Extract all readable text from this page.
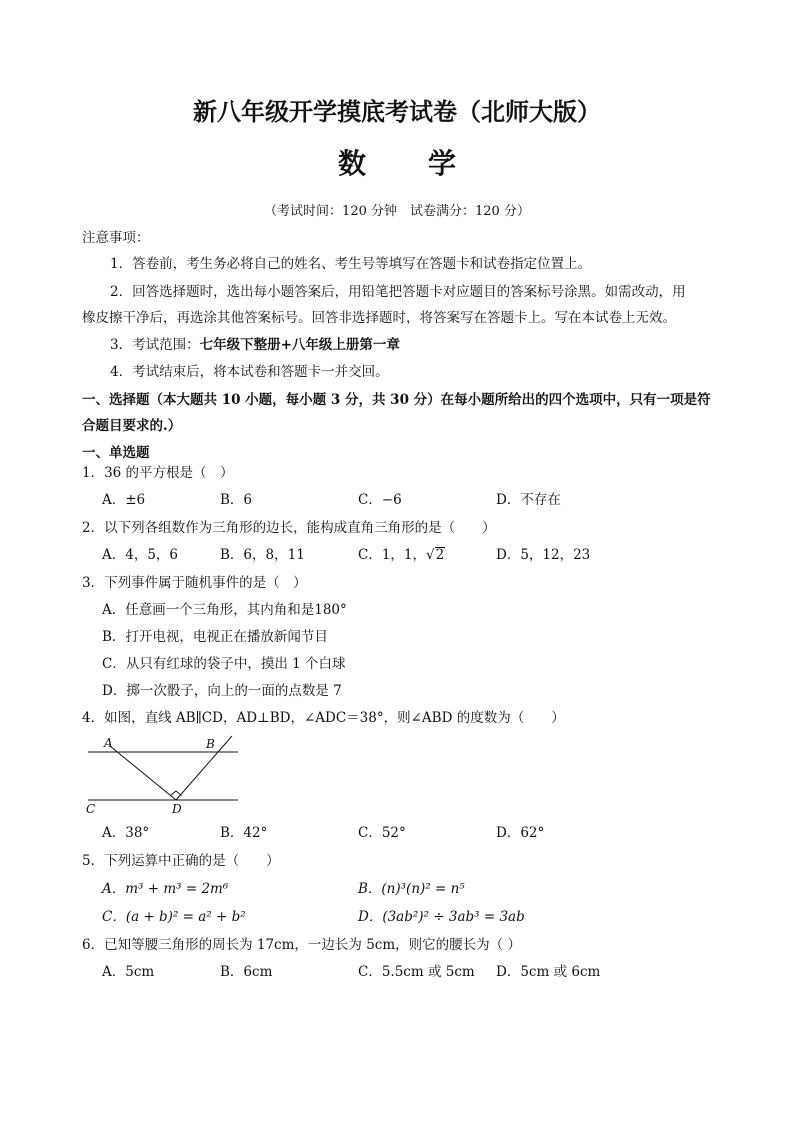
新八年级开学摸底考试卷（北师大版）
数学
（考试时间：120 分钟　试卷满分：120 分）
注意事项：
1．答卷前，考生务必将自己的姓名、考生号等填写在答题卡和试卷指定位置上。
2．回答选择题时，选出每小题答案后，用铅笔把答题卡对应题目的答案标号涂黑。如需改动，用
橡皮擦干净后，再选涂其他答案标号。回答非选择题时，将答案写在答题卡上。写在本试卷上无效。
3．考试范围：七年级下整册+八年级上册第一章
4．考试结束后，将本试卷和答题卡一并交回。
一、选择题（本大题共 10 小题，每小题 3 分，共 30 分）在每小题所给出的四个选项中，只有一项是符
合题目要求的.）
一、单选题
1．36 的平方根是（　）
A．±6	B．6	C．−6	D．不存在
2．以下列各组数作为三角形的边长，能构成直角三角形的是（　　）
A．4，5，6	B．6，8，11	C．1，1，√2	D．5，12，23
3．下列事件属于随机事件的是（　）
A．任意画一个三角形，其内角和是180°
B．打开电视，电视正在播放新闻节目
C．从只有红球的袋子中，摸出 1 个白球
D．掷一次骰子，向上的一面的点数是 7
4．如图，直线 AB∥CD，AD⊥BD，∠ADC＝38°，则∠ABD 的度数为（　　）
A	B
C	D
A．38°	B．42°	C．52°	D．62°
5．下列运算中正确的是（　　）
A．m³ + m³ = 2m⁶	B．(n)³(n)² = n⁵
C．(a + b)² = a² + b²	D．(3ab²)² ÷ 3ab³ = 3ab
6．已知等腰三角形的周长为 17cm，一边长为 5cm，则它的腰长为（ ）
A．5cm	B．6cm	C．5.5cm 或 5cm D．5cm 或 6cm
